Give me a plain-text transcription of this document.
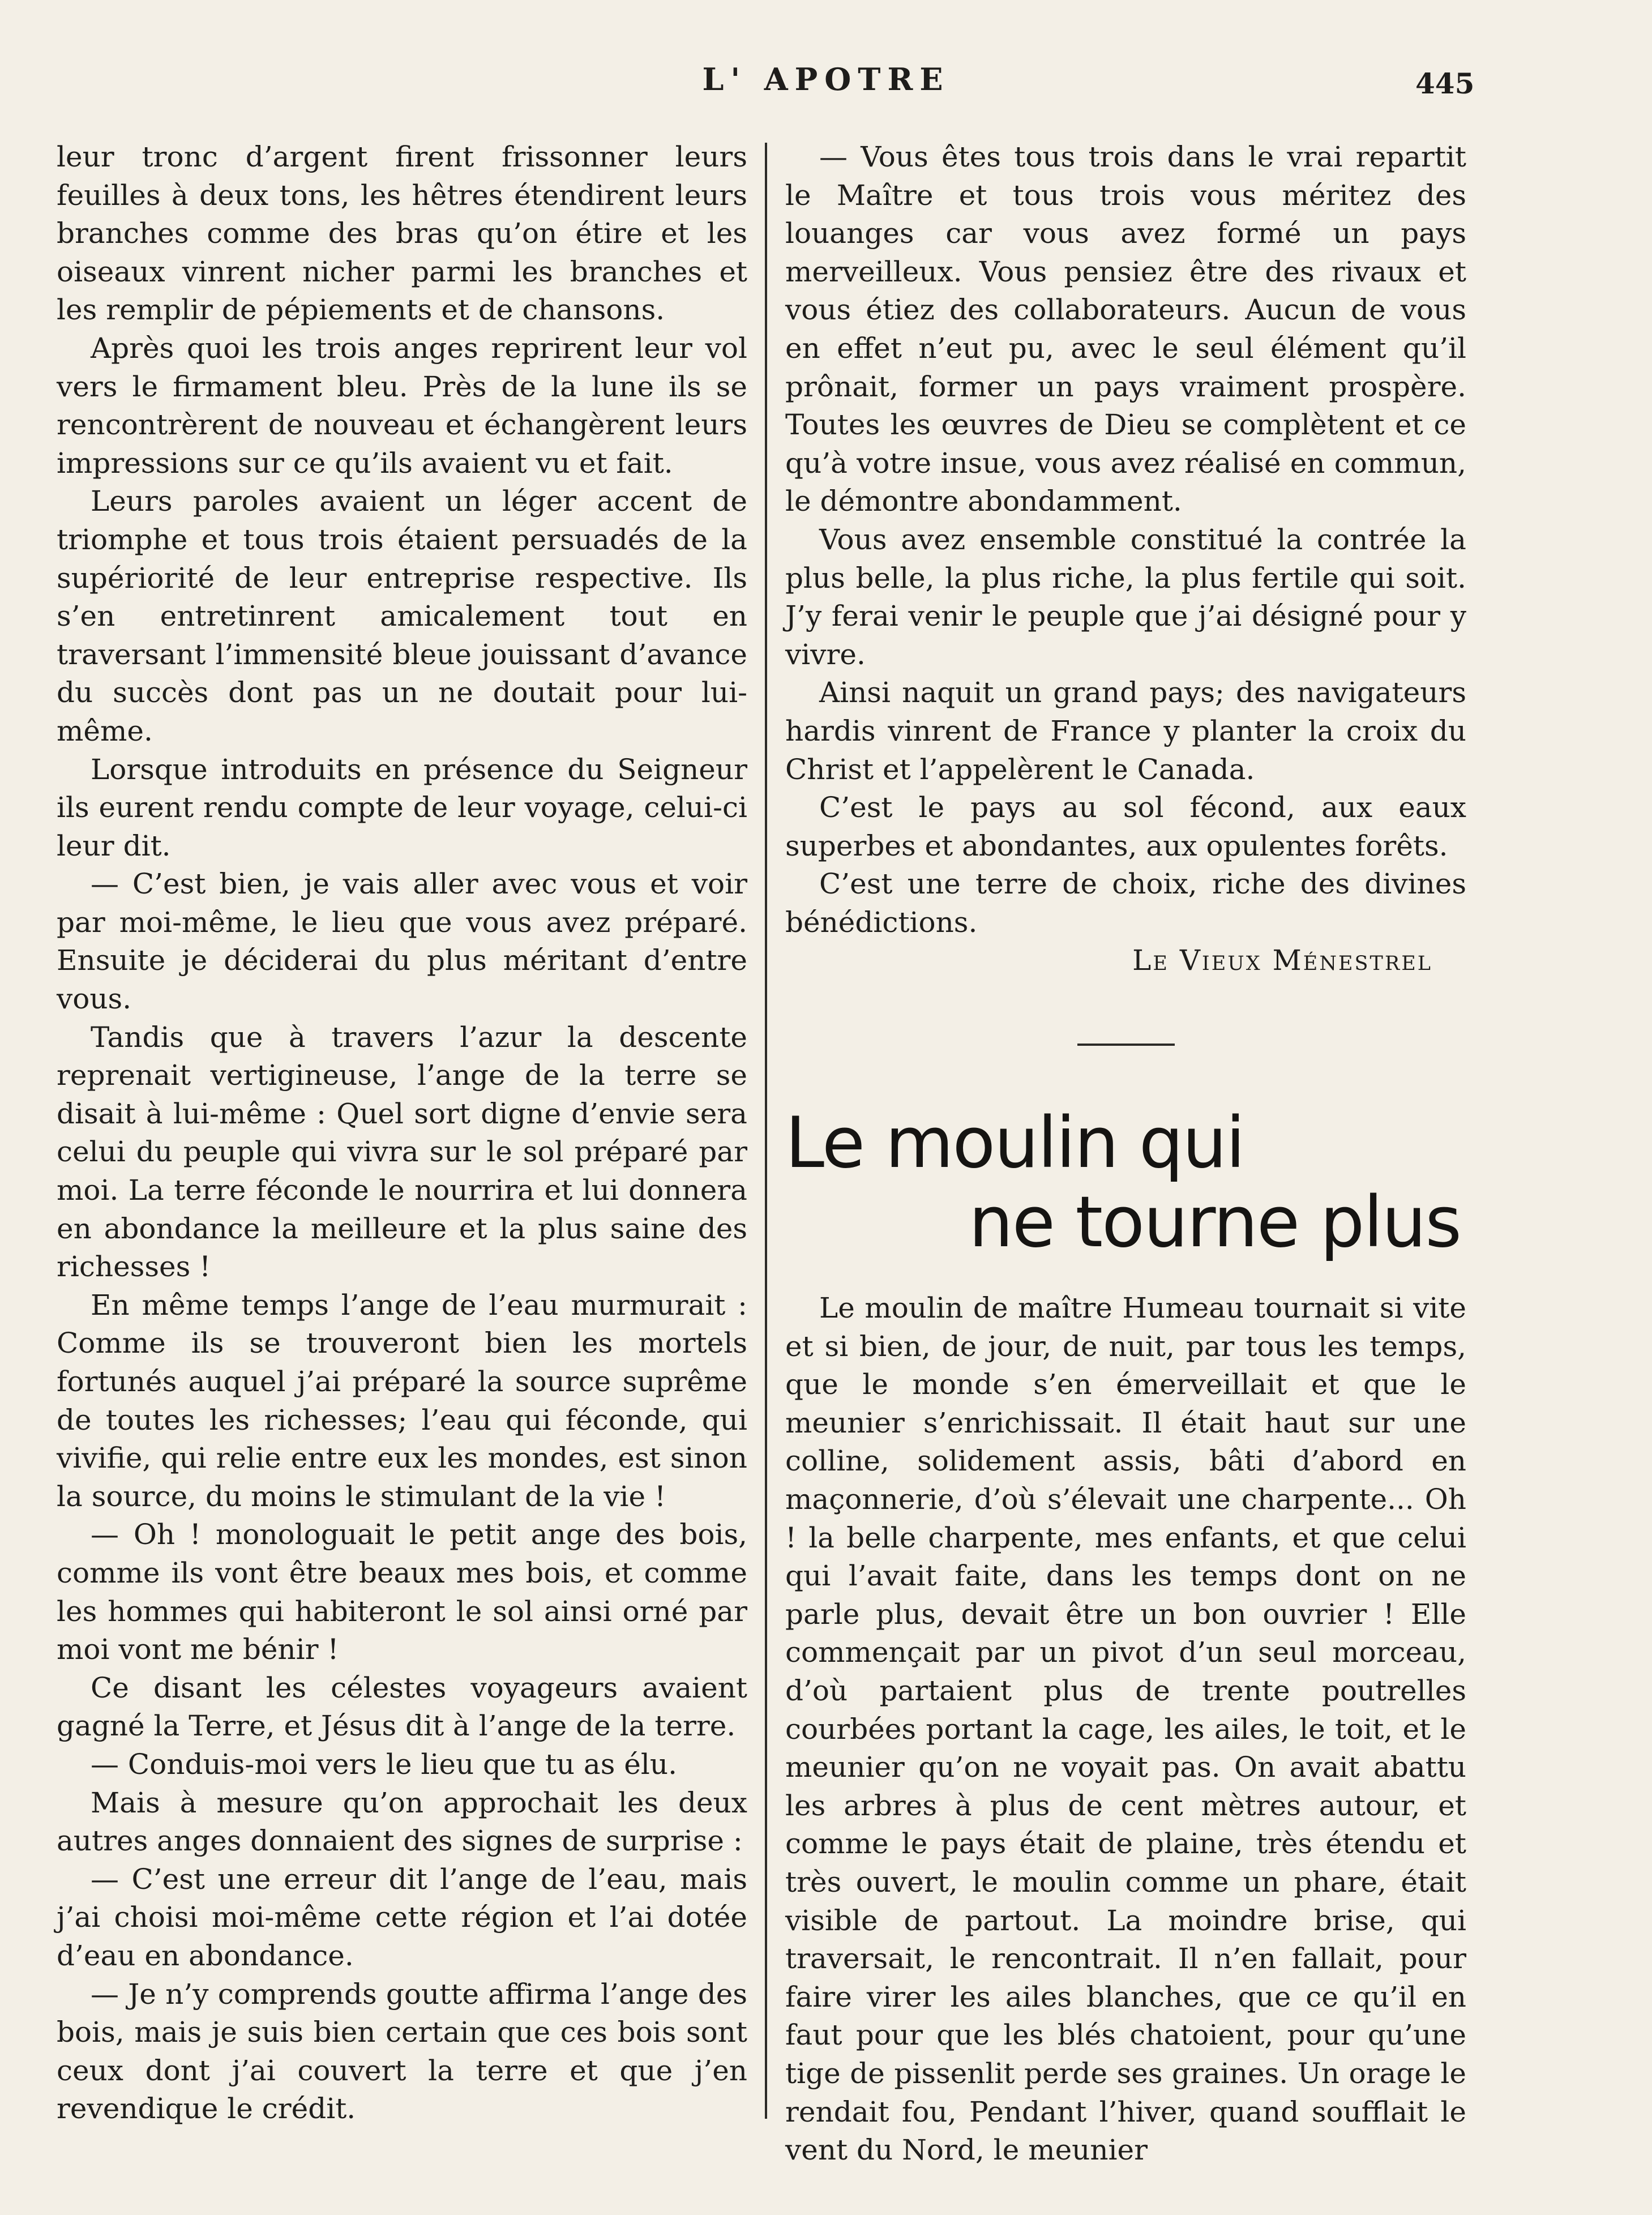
L' APOTRE	445

leur tronc d’argent firent frissonner leurs feuilles à deux tons, les hêtres étendirent leurs branches comme des bras qu’on étire et les oiseaux vinrent nicher parmi les branches et les remplir de pépiements et de chansons.

Après quoi les trois anges reprirent leur vol vers le firmament bleu. Près de la lune ils se rencontrèrent de nouveau et échangèrent leurs impressions sur ce qu’ils avaient vu et fait.

Leurs paroles avaient un léger accent de triomphe et tous trois étaient persuadés de la supériorité de leur entreprise respective. Ils s’en entretinrent amicalement tout en traversant l’immensité bleue jouissant d’avance du succès dont pas un ne doutait pour lui-même.

Lorsque introduits en présence du Seigneur ils eurent rendu compte de leur voyage, celui-ci leur dit.

— C’est bien, je vais aller avec vous et voir par moi-même, le lieu que vous avez préparé. Ensuite je déciderai du plus méritant d’entre vous.

Tandis que à travers l’azur la descente reprenait vertigineuse, l’ange de la terre se disait à lui-même : Quel sort digne d’envie sera celui du peuple qui vivra sur le sol préparé par moi. La terre féconde le nourrira et lui donnera en abondance la meilleure et la plus saine des richesses !

En même temps l’ange de l’eau murmurait : Comme ils se trouveront bien les mortels fortunés auquel j’ai préparé la source suprême de toutes les richesses; l’eau qui féconde, qui vivifie, qui relie entre eux les mondes, est sinon la source, du moins le stimulant de la vie !

— Oh ! monologuait le petit ange des bois, comme ils vont être beaux mes bois, et comme les hommes qui habiteront le sol ainsi orné par moi vont me bénir !

Ce disant les célestes voyageurs avaient gagné la Terre, et Jésus dit à l’ange de la terre.

— Conduis-moi vers le lieu que tu as élu.

Mais à mesure qu’on approchait les deux autres anges donnaient des signes de surprise :

— C’est une erreur dit l’ange de l’eau, mais j’ai choisi moi-même cette région et l’ai dotée d’eau en abondance.

— Je n’y comprends goutte affirma l’ange des bois, mais je suis bien certain que ces bois sont ceux dont j’ai couvert la terre et que j’en revendique le crédit.

— Vous êtes tous trois dans le vrai repartit le Maître et tous trois vous méritez des louanges car vous avez formé un pays merveilleux. Vous pensiez être des rivaux et vous étiez des collaborateurs. Aucun de vous en effet n’eut pu, avec le seul élément qu’il prônait, former un pays vraiment prospère. Toutes les œuvres de Dieu se complètent et ce qu’à votre insue, vous avez réalisé en commun, le démontre abondamment.

Vous avez ensemble constitué la contrée la plus belle, la plus riche, la plus fertile qui soit. J’y ferai venir le peuple que j’ai désigné pour y vivre.

Ainsi naquit un grand pays; des navigateurs hardis vinrent de France y planter la croix du Christ et l’appelèrent le Canada.

C’est le pays au sol fécond, aux eaux superbes et abondantes, aux opulentes forêts.

C’est une terre de choix, riche des divines bénédictions.

Le Vieux Ménestrel

Le moulin qui
ne tourne plus

Le moulin de maître Humeau tournait si vite et si bien, de jour, de nuit, par tous les temps, que le monde s’en émerveillait et que le meunier s’enrichissait. Il était haut sur une colline, solidement assis, bâti d’abord en maçonnerie, d’où s’élevait une charpente... Oh ! la belle charpente, mes enfants, et que celui qui l’avait faite, dans les temps dont on ne parle plus, devait être un bon ouvrier ! Elle commençait par un pivot d’un seul morceau, d’où partaient plus de trente poutrelles courbées portant la cage, les ailes, le toit, et le meunier qu’on ne voyait pas. On avait abattu les arbres à plus de cent mètres autour, et comme le pays était de plaine, très étendu et très ouvert, le moulin comme un phare, était visible de partout. La moindre brise, qui traversait, le rencontrait. Il n’en fallait, pour faire virer les ailes blanches, que ce qu’il en faut pour que les blés chatoient, pour qu’une tige de pissenlit perde ses graines. Un orage le rendait fou, Pendant l’hiver, quand soufflait le vent du Nord, le meunier
